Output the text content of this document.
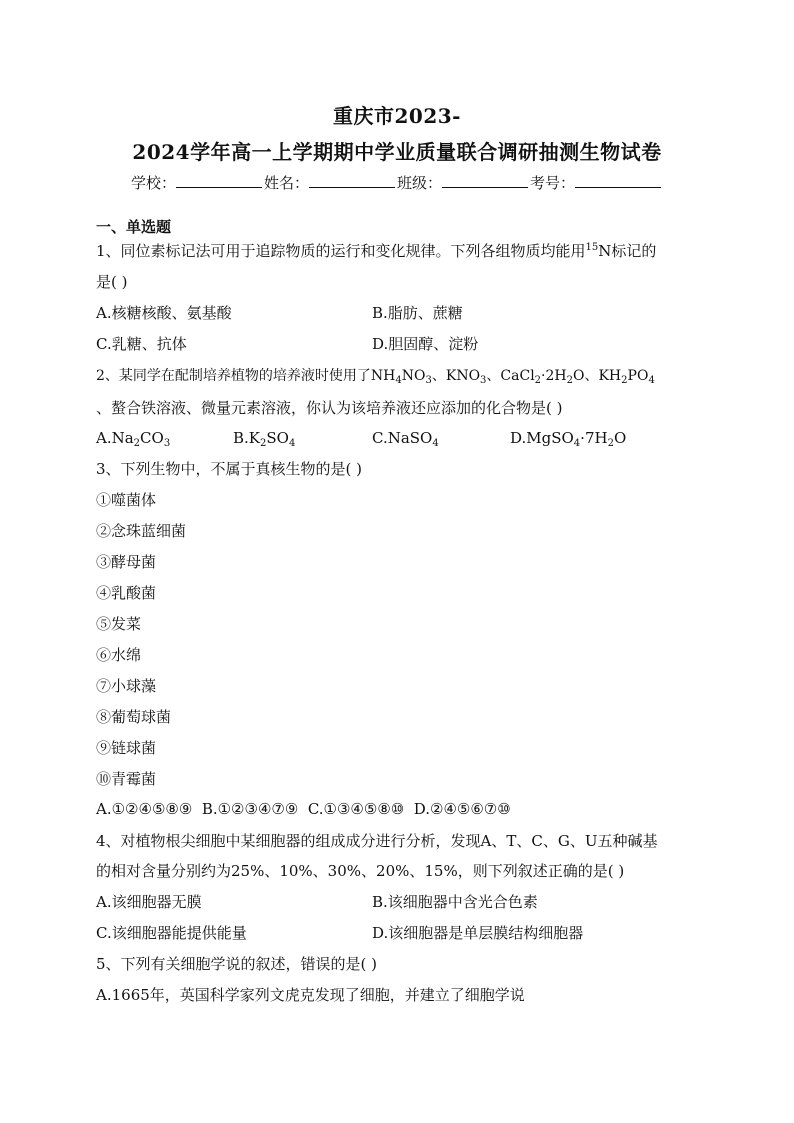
重庆市2023-
2024学年高一上学期期中学业质量联合调研抽测生物试卷
学校：	姓名：	班级：	考号：
一、单选题
1、同位素标记法可用于追踪物质的运行和变化规律。下列各组物质均能用$^{15}$N标记的
是( )
A.核糖核酸、氨基酸	B.脂肪、蔗糖
C.乳糖、抗体	D.胆固醇、淀粉
2、某同学在配制培养植物的培养液时使用了$NH_4NO_3$、$KNO_3$、$CaCl_2\cdot 2H_2O$、$KH_2PO_4$
、螯合铁溶液、微量元素溶液，你认为该培养液还应添加的化合物是( )
$A.Na_2CO_3$	$B.K_2SO_4$	C.NaSO$_4$	$D.MgSO_4\cdot 7H_2O$
3、下列生物中，不属于真核生物的是( )
①噬菌体
②念珠蓝细菌
③酵母菌
④乳酸菌
⑤发菜
⑥水绵
⑦小球藻
⑧葡萄球菌
⑨链球菌
⑩青霉菌
A.①②④⑤⑧⑨  B.①②③④⑦⑨  C.①③④⑤⑧⑩  D.②④⑤⑥⑦⑩
4、对植物根尖细胞中某细胞器的组成成分进行分析，发现A、T、C、G、U五种碱基
的相对含量分别约为25%、10%、30%、20%、15%，则下列叙述正确的是( )
A.该细胞器无膜	B.该细胞器中含光合色素
C.该细胞器能提供能量	D.该细胞器是单层膜结构细胞器
5、下列有关细胞学说的叙述，错误的是( )
A.1665年，英国科学家列文虎克发现了细胞，并建立了细胞学说
